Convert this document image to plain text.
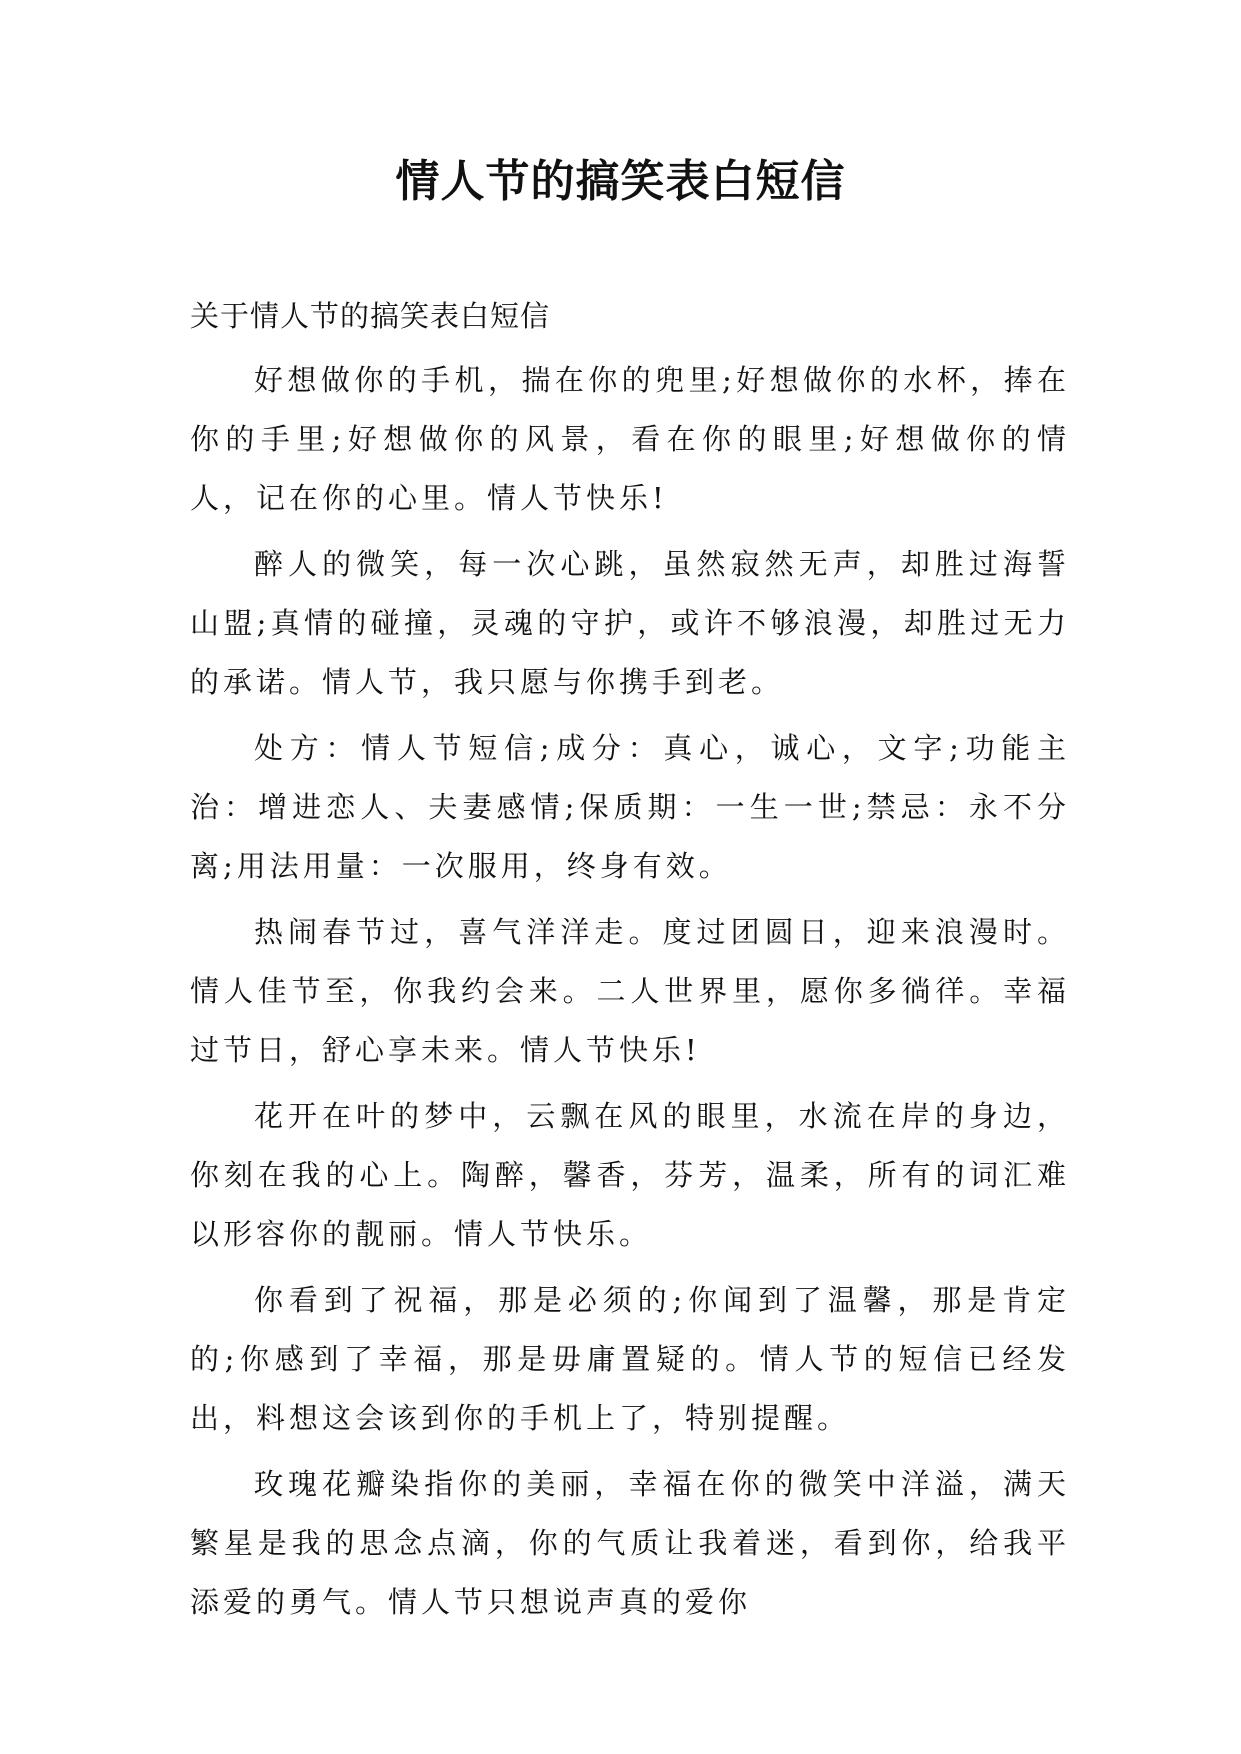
情人节的搞笑表白短信

关于情人节的搞笑表白短信

好想做你的手机，揣在你的兜里;好想做你的水杯，捧在你的手里;好想做你的风景，看在你的眼里;好想做你的情人，记在你的心里。情人节快乐!

醉人的微笑，每一次心跳，虽然寂然无声，却胜过海誓山盟;真情的碰撞，灵魂的守护，或许不够浪漫，却胜过无力的承诺。情人节，我只愿与你携手到老。

处方：情人节短信;成分：真心，诚心，文字;功能主治：增进恋人、夫妻感情;保质期：一生一世;禁忌：永不分离;用法用量：一次服用，终身有效。

热闹春节过，喜气洋洋走。度过团圆日，迎来浪漫时。情人佳节至，你我约会来。二人世界里，愿你多徜徉。幸福过节日，舒心享未来。情人节快乐!

花开在叶的梦中，云飘在风的眼里，水流在岸的身边，你刻在我的心上。陶醉，馨香，芬芳，温柔，所有的词汇难以形容你的靓丽。情人节快乐。

你看到了祝福，那是必须的;你闻到了温馨，那是肯定的;你感到了幸福，那是毋庸置疑的。情人节的短信已经发出，料想这会该到你的手机上了，特别提醒。

玫瑰花瓣染指你的美丽，幸福在你的微笑中洋溢，满天繁星是我的思念点滴，你的气质让我着迷，看到你，给我平添爱的勇气。情人节只想说声真的爱你
